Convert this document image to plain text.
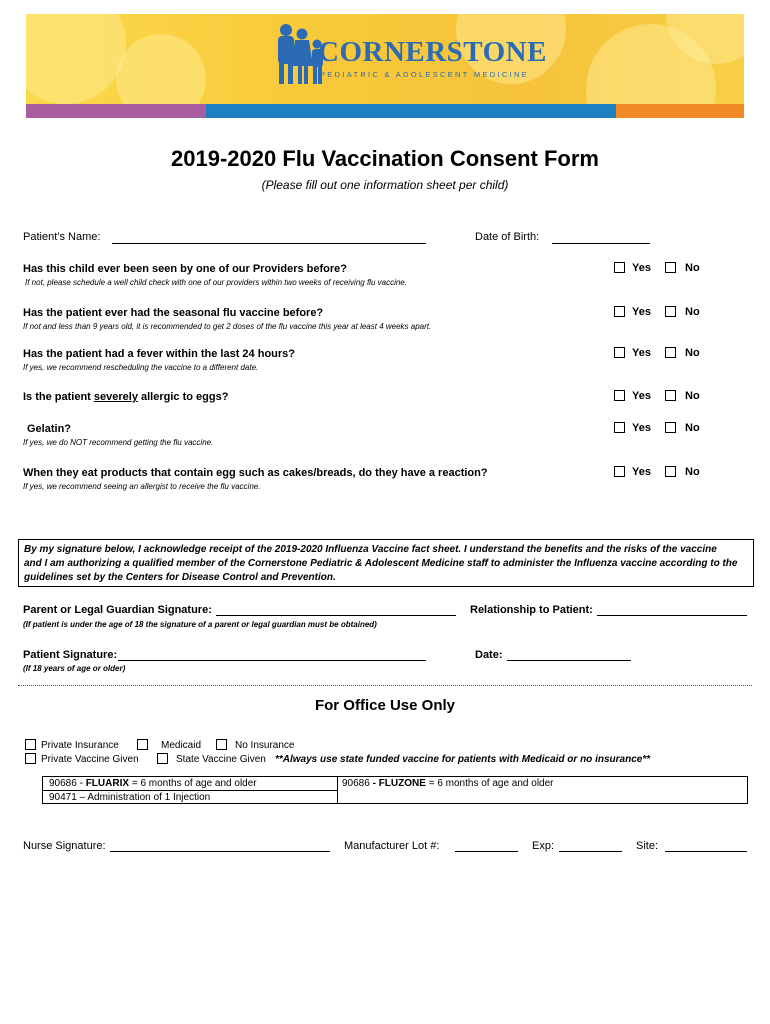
CORNERSTONE
PEDIATRIC & ADOLESCENT MEDICINE
2019-2020 Flu Vaccination Consent Form
(Please fill out one information sheet per child)
Patient’s Name:	Date of Birth:
Has this child ever been seen by one of our Providers before?
If not, please schedule a well child check with one of our providers within two weeks of receiving flu vaccine.
Yes	No
Has the patient ever had the seasonal flu vaccine before?
If not and less than 9 years old, it is recommended to get 2 doses of the flu vaccine this year at least 4 weeks apart.
Yes	No
Has the patient had a fever within the last 24 hours?
If yes, we recommend rescheduling the vaccine to a different date.
Yes	No
Is the patient severely allergic to eggs?	Yes	No
Gelatin?
If yes, we do NOT recommend getting the flu vaccine.
Yes	No
When they eat products that contain egg such as cakes/breads, do they have a reaction?
If yes, we recommend seeing an allergist to receive the flu vaccine.
Yes	No
By my signature below, I acknowledge receipt of the 2019-2020 Influenza Vaccine fact sheet. I understand the benefits and the risks of the vaccine
and I am authorizing a qualified member of the Cornerstone Pediatric & Adolescent Medicine staff to administer the Influenza vaccine according to the
guidelines set by the Centers for Disease Control and Prevention.
Parent or Legal Guardian Signature:	Relationship to Patient:
(If patient is under the age of 18 the signature of a parent or legal guardian must be obtained)
Patient Signature:	Date:
(If 18 years of age or older)
For Office Use Only
Private Insurance	Medicaid	No Insurance
Private Vaccine Given	State Vaccine Given **Always use state funded vaccine for patients with Medicaid or no insurance**
90686 - FLUARIX = 6 months of age and older
90471 – Administration of 1 Injection
90686 - FLUZONE = 6 months of age and older
Nurse Signature:	Manufacturer Lot #:	Exp:	Site:
